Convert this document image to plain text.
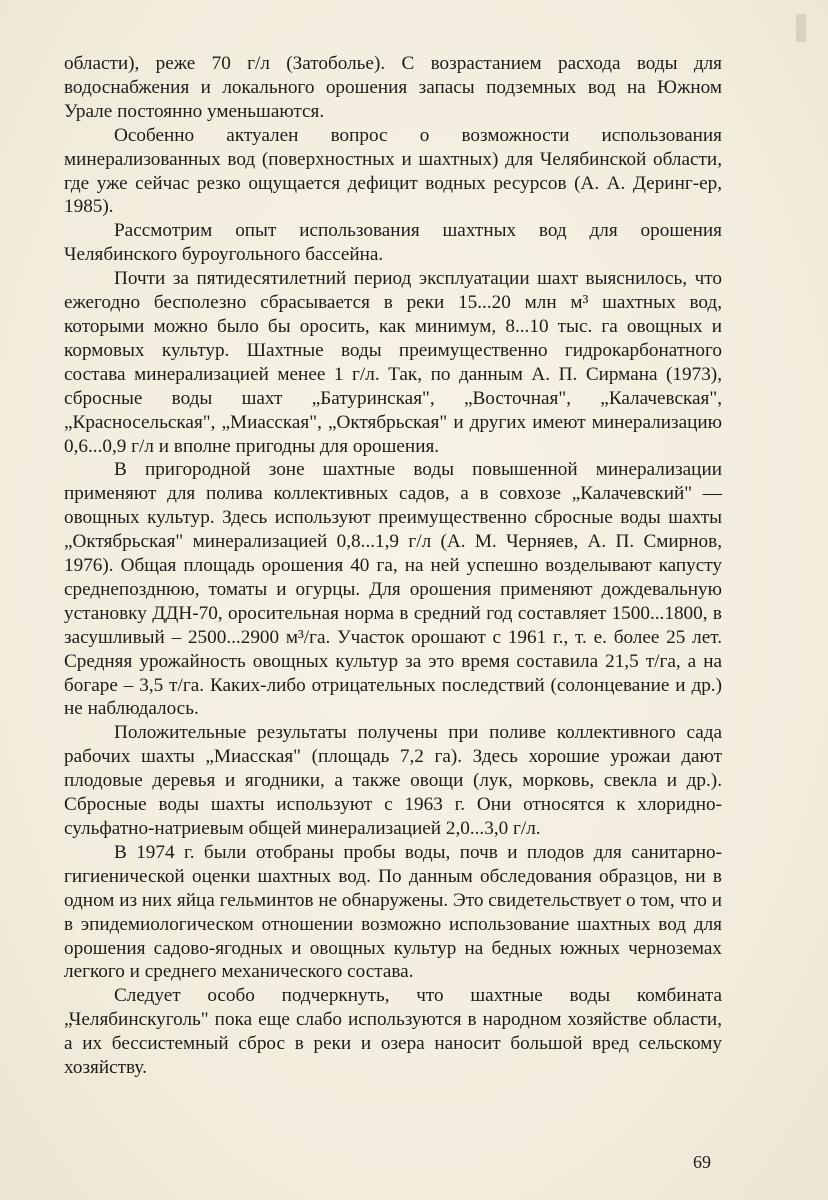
области), реже 70 г/л (Затоболье). С возрастанием расхода воды для водоснабжения и локального орошения запасы подземных вод на Южном Урале постоянно уменьшаются.

Особенно актуален вопрос о возможности использования минерализованных вод (поверхностных и шахтных) для Челябинской области, где уже сейчас резко ощущается дефицит водных ресурсов (А. А. Деринг-ер, 1985).

Рассмотрим опыт использования шахтных вод для орошения Челябинского буроугольного бассейна.

Почти за пятидесятилетний период эксплуатации шахт выяснилось, что ежегодно бесполезно сбрасывается в реки 15...20 млн м³ шахтных вод, которыми можно было бы оросить, как минимум, 8...10 тыс. га овощных и кормовых культур. Шахтные воды преимущественно гидрокарбонатного состава минерализацией менее 1 г/л. Так, по данным А. П. Сирмана (1973), сбросные воды шахт „Батуринская", „Восточная", „Калачевская", „Красносельская", „Миасская", „Октябрьская" и других имеют минерализацию 0,6...0,9 г/л и вполне пригодны для орошения.

В пригородной зоне шахтные воды повышенной минерализации применяют для полива коллективных садов, а в совхозе „Калачевский" — овощных культур. Здесь используют преимущественно сбросные воды шахты „Октябрьская" минерализацией 0,8...1,9 г/л (А. М. Черняев, А. П. Смирнов, 1976). Общая площадь орошения 40 га, на ней успешно возделывают капусту среднепозднюю, томаты и огурцы. Для орошения применяют дождевальную установку ДДН-70, оросительная норма в средний год составляет 1500...1800, в засушливый – 2500...2900 м³/га. Участок орошают с 1961 г., т. е. более 25 лет. Средняя урожайность овощных культур за это время составила 21,5 т/га, а на богаре – 3,5 т/га. Каких-либо отрицательных последствий (солонцевание и др.) не наблюдалось.

Положительные результаты получены при поливе коллективного сада рабочих шахты „Миасская" (площадь 7,2 га). Здесь хорошие урожаи дают плодовые деревья и ягодники, а также овощи (лук, морковь, свекла и др.). Сбросные воды шахты используют с 1963 г. Они относятся к хлоридно-сульфатно-натриевым общей минерализацией 2,0...3,0 г/л.

В 1974 г. были отобраны пробы воды, почв и плодов для санитарно-гигиенической оценки шахтных вод. По данным обследования образцов, ни в одном из них яйца гельминтов не обнаружены. Это свидетельствует о том, что и в эпидемиологическом отношении возможно использование шахтных вод для орошения садово-ягодных и овощных культур на бедных южных черноземах легкого и среднего механического состава.

Следует особо подчеркнуть, что шахтные воды комбината „Челябинскуголь" пока еще слабо используются в народном хозяйстве области, а их бессистемный сброс в реки и озера наносит большой вред сельскому хозяйству.

69
